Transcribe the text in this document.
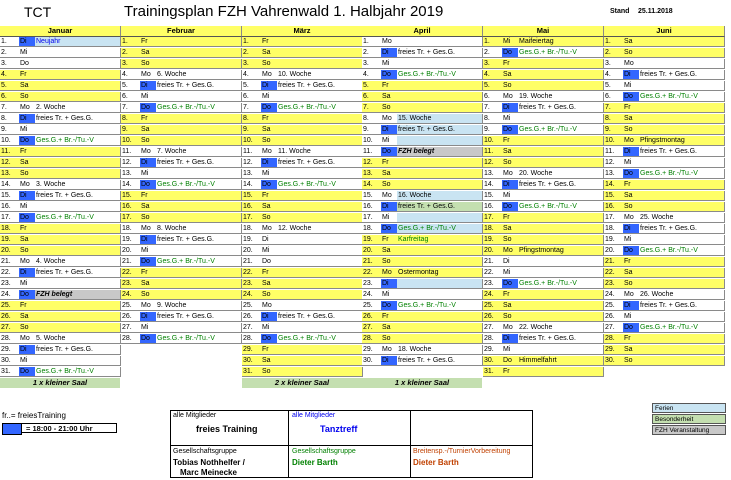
TCT	Trainingsplan FZH Vahrenwald 1. Halbjahr 2019	Stand 25.11.2018
Januar
1.	Di	Neujahr
2.	Mi
3.	Do
4.	Fr
5.	Sa
6.	So
7.	Mo 2. Woche
8.	Di	freies Tr. + Ges.G.
9.	Mi
10.	Do	Ges.G.+ Br.-/Tu.-V
11.	Fr
12.	Sa
13.	So
14.	Mo 3. Woche
15.	Di	freies Tr. + Ges.G.
16.	Mi
17.	Do	Ges.G.+ Br.-/Tu.-V
18.	Fr
19.	Sa
20.	So
21.	Mo 4. Woche
22.	Di	freies Tr. + Ges.G.
23.	Mi
24.	Do	FZH belegt
25.	Fr
26.	Sa
27.	So
28.	Mo 5. Woche
29.	Di	freies Tr. + Ges.G.
30.	Mi
31.	Do	Ges.G.+ Br.-/Tu.-V
Februar
1.	Fr
2.	Sa
3.	So
4.	Mo 6. Woche
5.	Di	freies Tr. + Ges.G.
6.	Mi
7.	Do	Ges.G.+ Br.-/Tu.-V
8.	Fr
9.	Sa
10.	So
11.	Mo 7. Woche
12.	Di	freies Tr. + Ges.G.
13.	Mi
14.	Do	Ges.G.+ Br.-/Tu.-V
15.	Fr
16.	Sa
17.	So
18.	Mo 8. Woche
19.	Di	freies Tr. + Ges.G.
20.	Mi
21.	Do	Ges.G.+ Br.-/Tu.-V
22.	Fr
23.	Sa
24.	So
25.	Mo 9. Woche
26.	Di	freies Tr. + Ges.G.
27.	Mi
28.	Do	Ges.G.+ Br.-/Tu.-V
März
1.	Fr
2.	Sa
3.	So
4.	Mo 10. Woche
5.	Di	freies Tr. + Ges.G.
6.	Mi
7.	Do	Ges.G.+ Br.-/Tu.-V
8.	Fr
9.	Sa
10.	So
11.	Mo 11. Woche
12.	Di	freies Tr. + Ges.G.
13.	Mi
14.	Do	Ges.G.+ Br.-/Tu.-V
15.	Fr
16.	Sa
17.	So
18.	Mo 12. Woche
19.	Di
20.	Mi
21.	Do
22.	Fr
23.	Sa
24.	So
25.	Mo
26.	Di	freies Tr. + Ges.G.
27.	Mi
28.	Do	Ges.G.+ Br.-/Tu.-V
29.	Fr
30.	Sa
31.	So
April
1.	Mo
2.	Di	freies Tr. + Ges.G.
3.	Mi
4.	Do	Ges.G.+ Br.-/Tu.-V
5.	Fr
6.	Sa
7.	So
8.	Mo 15. Woche
9.	Di	freies Tr. + Ges.G.
10.	Mi
11.	Do	FZH belegt
12.	Fr
13.	Sa
14.	So
15.	Mo 16. Woche
16.	Di	freies Tr. + Ges.G.
17.	Mi
18.	Do	Ges.G.+ Br.-/Tu.-V
19.	Fr	Karfreitag
20.	Sa
21.	So
22.	Mo Ostermontag
23.	Di
24.	Mi
25.	Do	Ges.G.+ Br.-/Tu.-V
26.	Fr
27.	Sa
28.	So
29.	Mo 18. Woche
30.	Di	freies Tr. + Ges.G.
Mai
1.	Mi	Maifeiertag
2.	Do	Ges.G.+ Br.-/Tu.-V
3.	Fr
4.	Sa
5.	So
6.	Mo 19. Woche
7.	Di	freies Tr. + Ges.G.
8.	Mi
9.	Do	Ges.G.+ Br.-/Tu.-V
10.	Fr
11.	Sa
12.	So
13.	Mo 20. Woche
14.	Di	freies Tr. + Ges.G.
15.	Mi
16.	Do	Ges.G.+ Br.-/Tu.-V
17.	Fr
18.	Sa
19.	So
20.	Mo Pfingstmontag
21.	Di
22.	Mi
23.	Do	Ges.G.+ Br.-/Tu.-V
24.	Fr
25.	Sa
26.	So
27.	Mo 22. Woche
28.	Di	freies Tr. + Ges.G.
29.	Mi
30.	Do	Himmelfahrt
31.	Fr
Juni
1.	Sa
2.	So
3.	Mo
4.	Di	freies Tr. + Ges.G.
5.	Mi
6.	Do	Ges.G.+ Br.-/Tu.-V
7.	Fr
8.	Sa
9.	So
10.	Mo Pfingstmontag
11.	Di	freies Tr. + Ges.G.
12.	Mi
13.	Do	Ges.G.+ Br.-/Tu.-V
14.	Fr
15.	Sa
16.	So
17.	Mo 25. Woche
18.	Di	freies Tr. + Ges.G.
19.	Mi
20.	Do	Ges.G.+ Br.-/Tu.-V
21.	Fr
22.	Sa
23.	So
24.	Mo 26. Woche
25.	Di	freies Tr. + Ges.G.
26.	Mi
27.	Do	Ges.G.+ Br.-/Tu.-V
28.	Fr
29.	Sa
30.	So
1 x kleiner Saal	2 x kleiner Saal	1 x kleiner Saal
fr..= freiesTraining
= 18:00 - 21:00 Uhr
alle Mitglieder
freies Training
alle Mitglieder
Tanztreff
Gesellschaftsgruppe
Tobias Nothhelfer /
Marc Meinecke
Gesellschaftsgruppe
Dieter Barth
Breitensp.-/TurnierVorbereitung
Dieter Barth
Ferien
Besonderheit
FZH Veranstaltung
